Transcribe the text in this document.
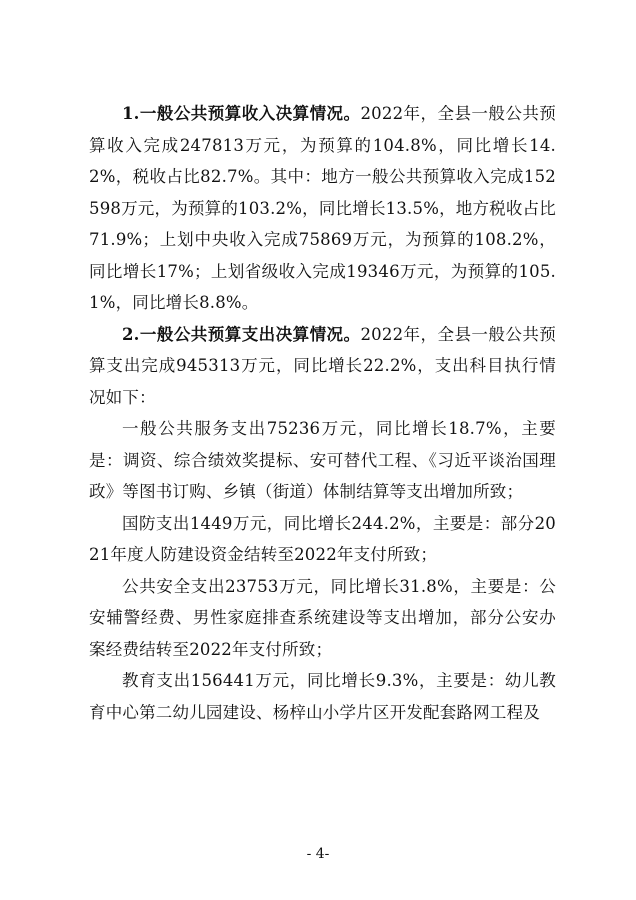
1.一般公共预算收入决算情况。2022年，全县一般公共预算收入完成247813万元，为预算的104.8%，同比增长14.2%，税收占比82.7%。其中：地方一般公共预算收入完成152598万元，为预算的103.2%，同比增长13.5%，地方税收占比71.9%；上划中央收入完成75869万元，为预算的108.2%，同比增长17%；上划省级收入完成19346万元，为预算的105.1%，同比增长8.8%。

2.一般公共预算支出决算情况。2022年，全县一般公共预算支出完成945313万元，同比增长22.2%，支出科目执行情况如下：

一般公共服务支出75236万元，同比增长18.7%，主要是：调资、综合绩效奖提标、安可替代工程、《习近平谈治国理政》等图书订购、乡镇（街道）体制结算等支出增加所致；

国防支出1449万元，同比增长244.2%，主要是：部分2021年度人防建设资金结转至2022年支付所致；

公共安全支出23753万元，同比增长31.8%，主要是：公安辅警经费、男性家庭排查系统建设等支出增加，部分公安办案经费结转至2022年支付所致；

教育支出156441万元，同比增长9.3%，主要是：幼儿教育中心第二幼儿园建设、杨梓山小学片区开发配套路网工程及

- 4-
